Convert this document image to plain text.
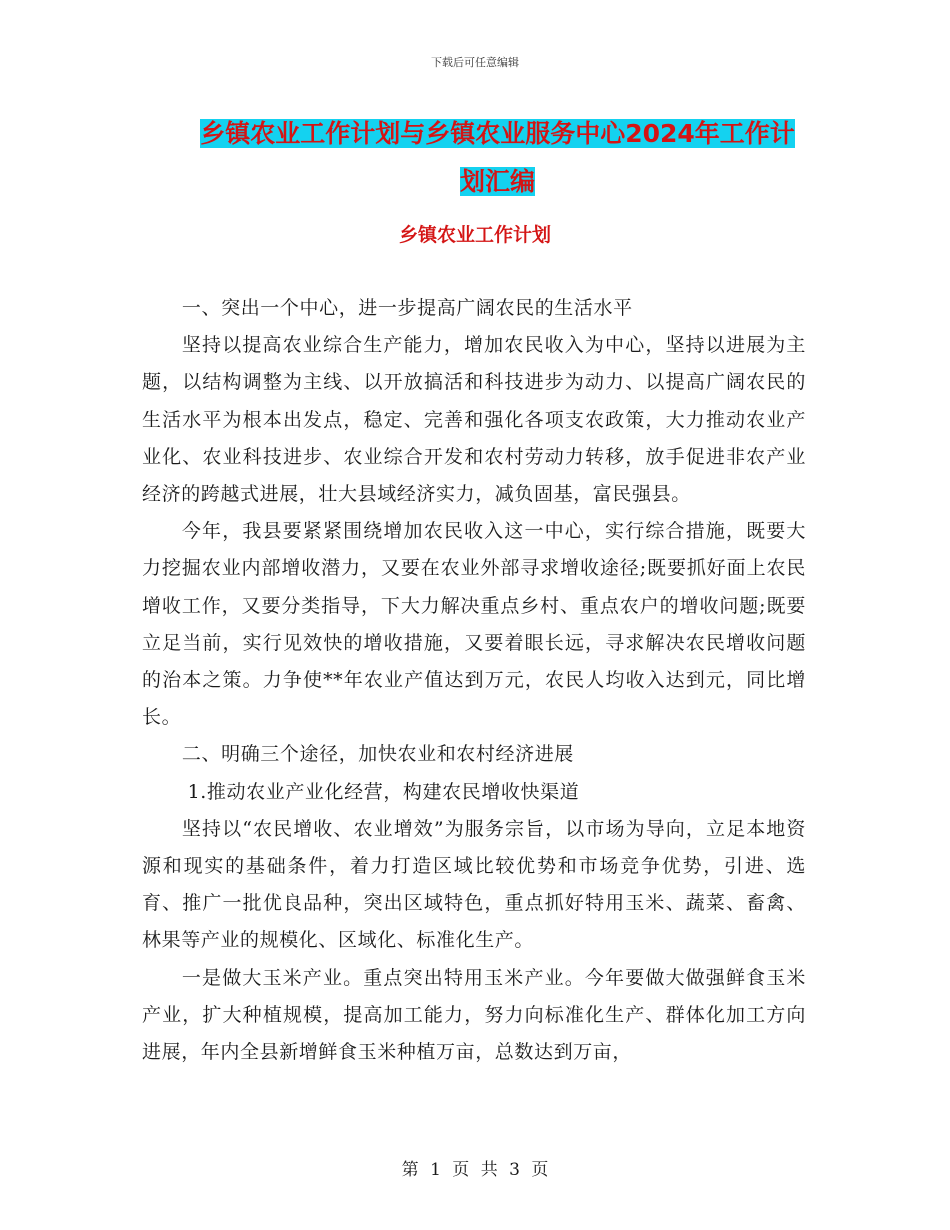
下载后可任意编辑
乡镇农业工作计划与乡镇农业服务中心2024年工作计
划汇编
乡镇农业工作计划

一、突出一个中心，进一步提高广阔农民的生活水平

坚持以提高农业综合生产能力，增加农民收入为中心，坚持以进展为主题，以结构调整为主线、以开放搞活和科技进步为动力、以提高广阔农民的生活水平为根本出发点，稳定、完善和强化各项支农政策，大力推动农业产业化、农业科技进步、农业综合开发和农村劳动力转移，放手促进非农产业经济的跨越式进展，壮大县域经济实力，减负固基，富民强县。

今年，我县要紧紧围绕增加农民收入这一中心，实行综合措施，既要大力挖掘农业内部增收潜力，又要在农业外部寻求增收途径;既要抓好面上农民增收工作，又要分类指导，下大力解决重点乡村、重点农户的增收问题;既要立足当前，实行见效快的增收措施，又要着眼长远，寻求解决农民增收问题的治本之策。力争使**年农业产值达到万元，农民人均收入达到元，同比增长。

二、明确三个途径，加快农业和农村经济进展

1.推动农业产业化经营，构建农民增收快渠道

坚持以“农民增收、农业增效”为服务宗旨，以市场为导向，立足本地资源和现实的基础条件，着力打造区域比较优势和市场竞争优势，引进、选育、推广一批优良品种，突出区域特色，重点抓好特用玉米、蔬菜、畜禽、林果等产业的规模化、区域化、标准化生产。

一是做大玉米产业。重点突出特用玉米产业。今年要做大做强鲜食玉米产业，扩大种植规模，提高加工能力，努力向标准化生产、群体化加工方向进展，年内全县新增鲜食玉米种植万亩，总数达到万亩，

第 1 页 共 3 页
